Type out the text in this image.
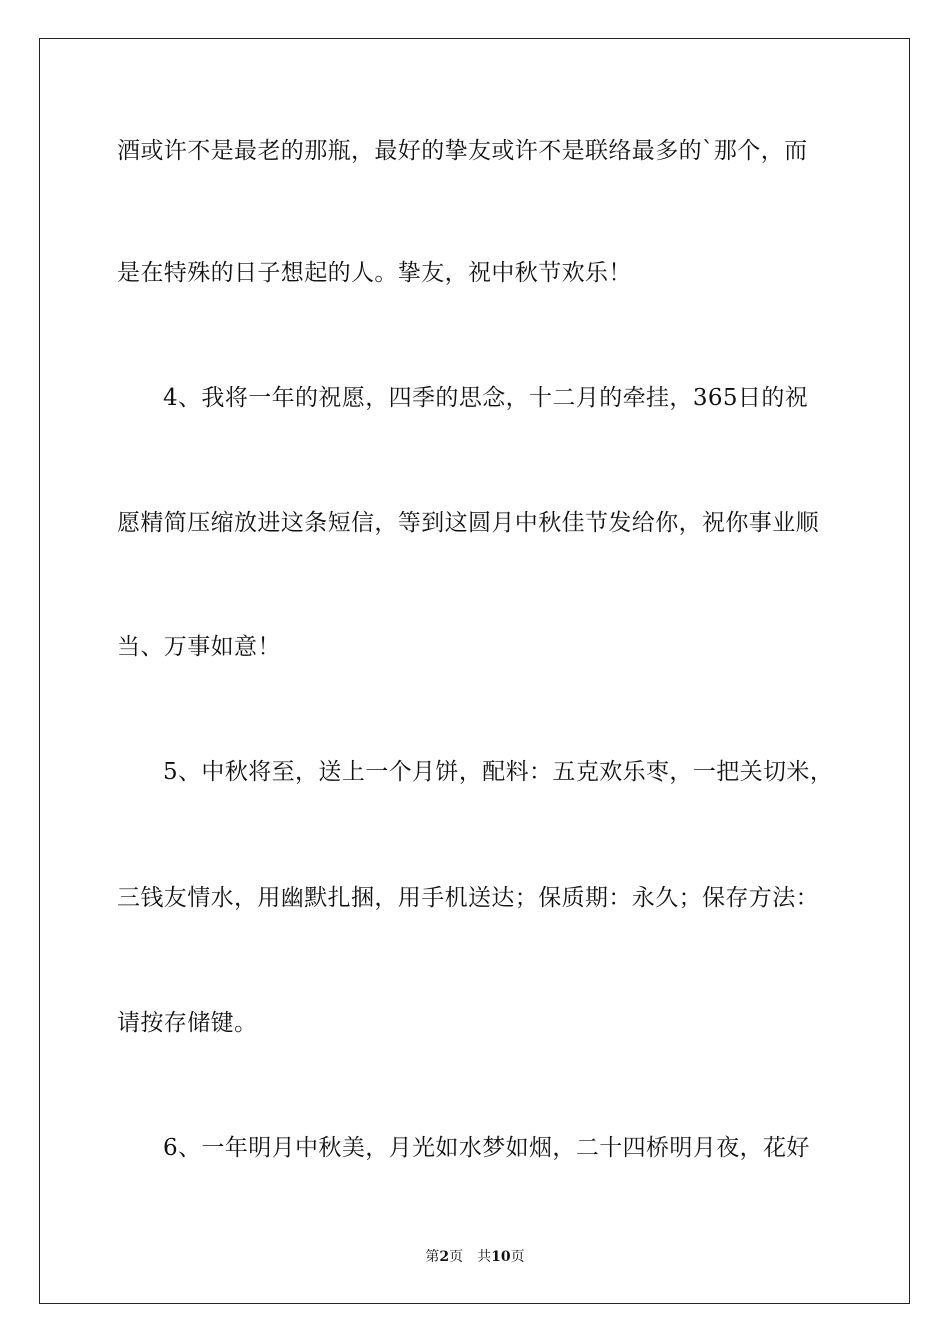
酒或许不是最老的那瓶，最好的挚友或许不是联络最多的`那个，而
是在特殊的日子想起的人。挚友，祝中秋节欢乐！
4、我将一年的祝愿，四季的思念，十二月的牵挂，365日的祝
愿精简压缩放进这条短信，等到这圆月中秋佳节发给你，祝你事业顺
当、万事如意！
5、中秋将至，送上一个月饼，配料：五克欢乐枣，一把关切米，
三钱友情水，用幽默扎捆，用手机送达；保质期：永久；保存方法：
请按存储键。
6、一年明月中秋美，月光如水梦如烟，二十四桥明月夜，花好
第2页 共10页
